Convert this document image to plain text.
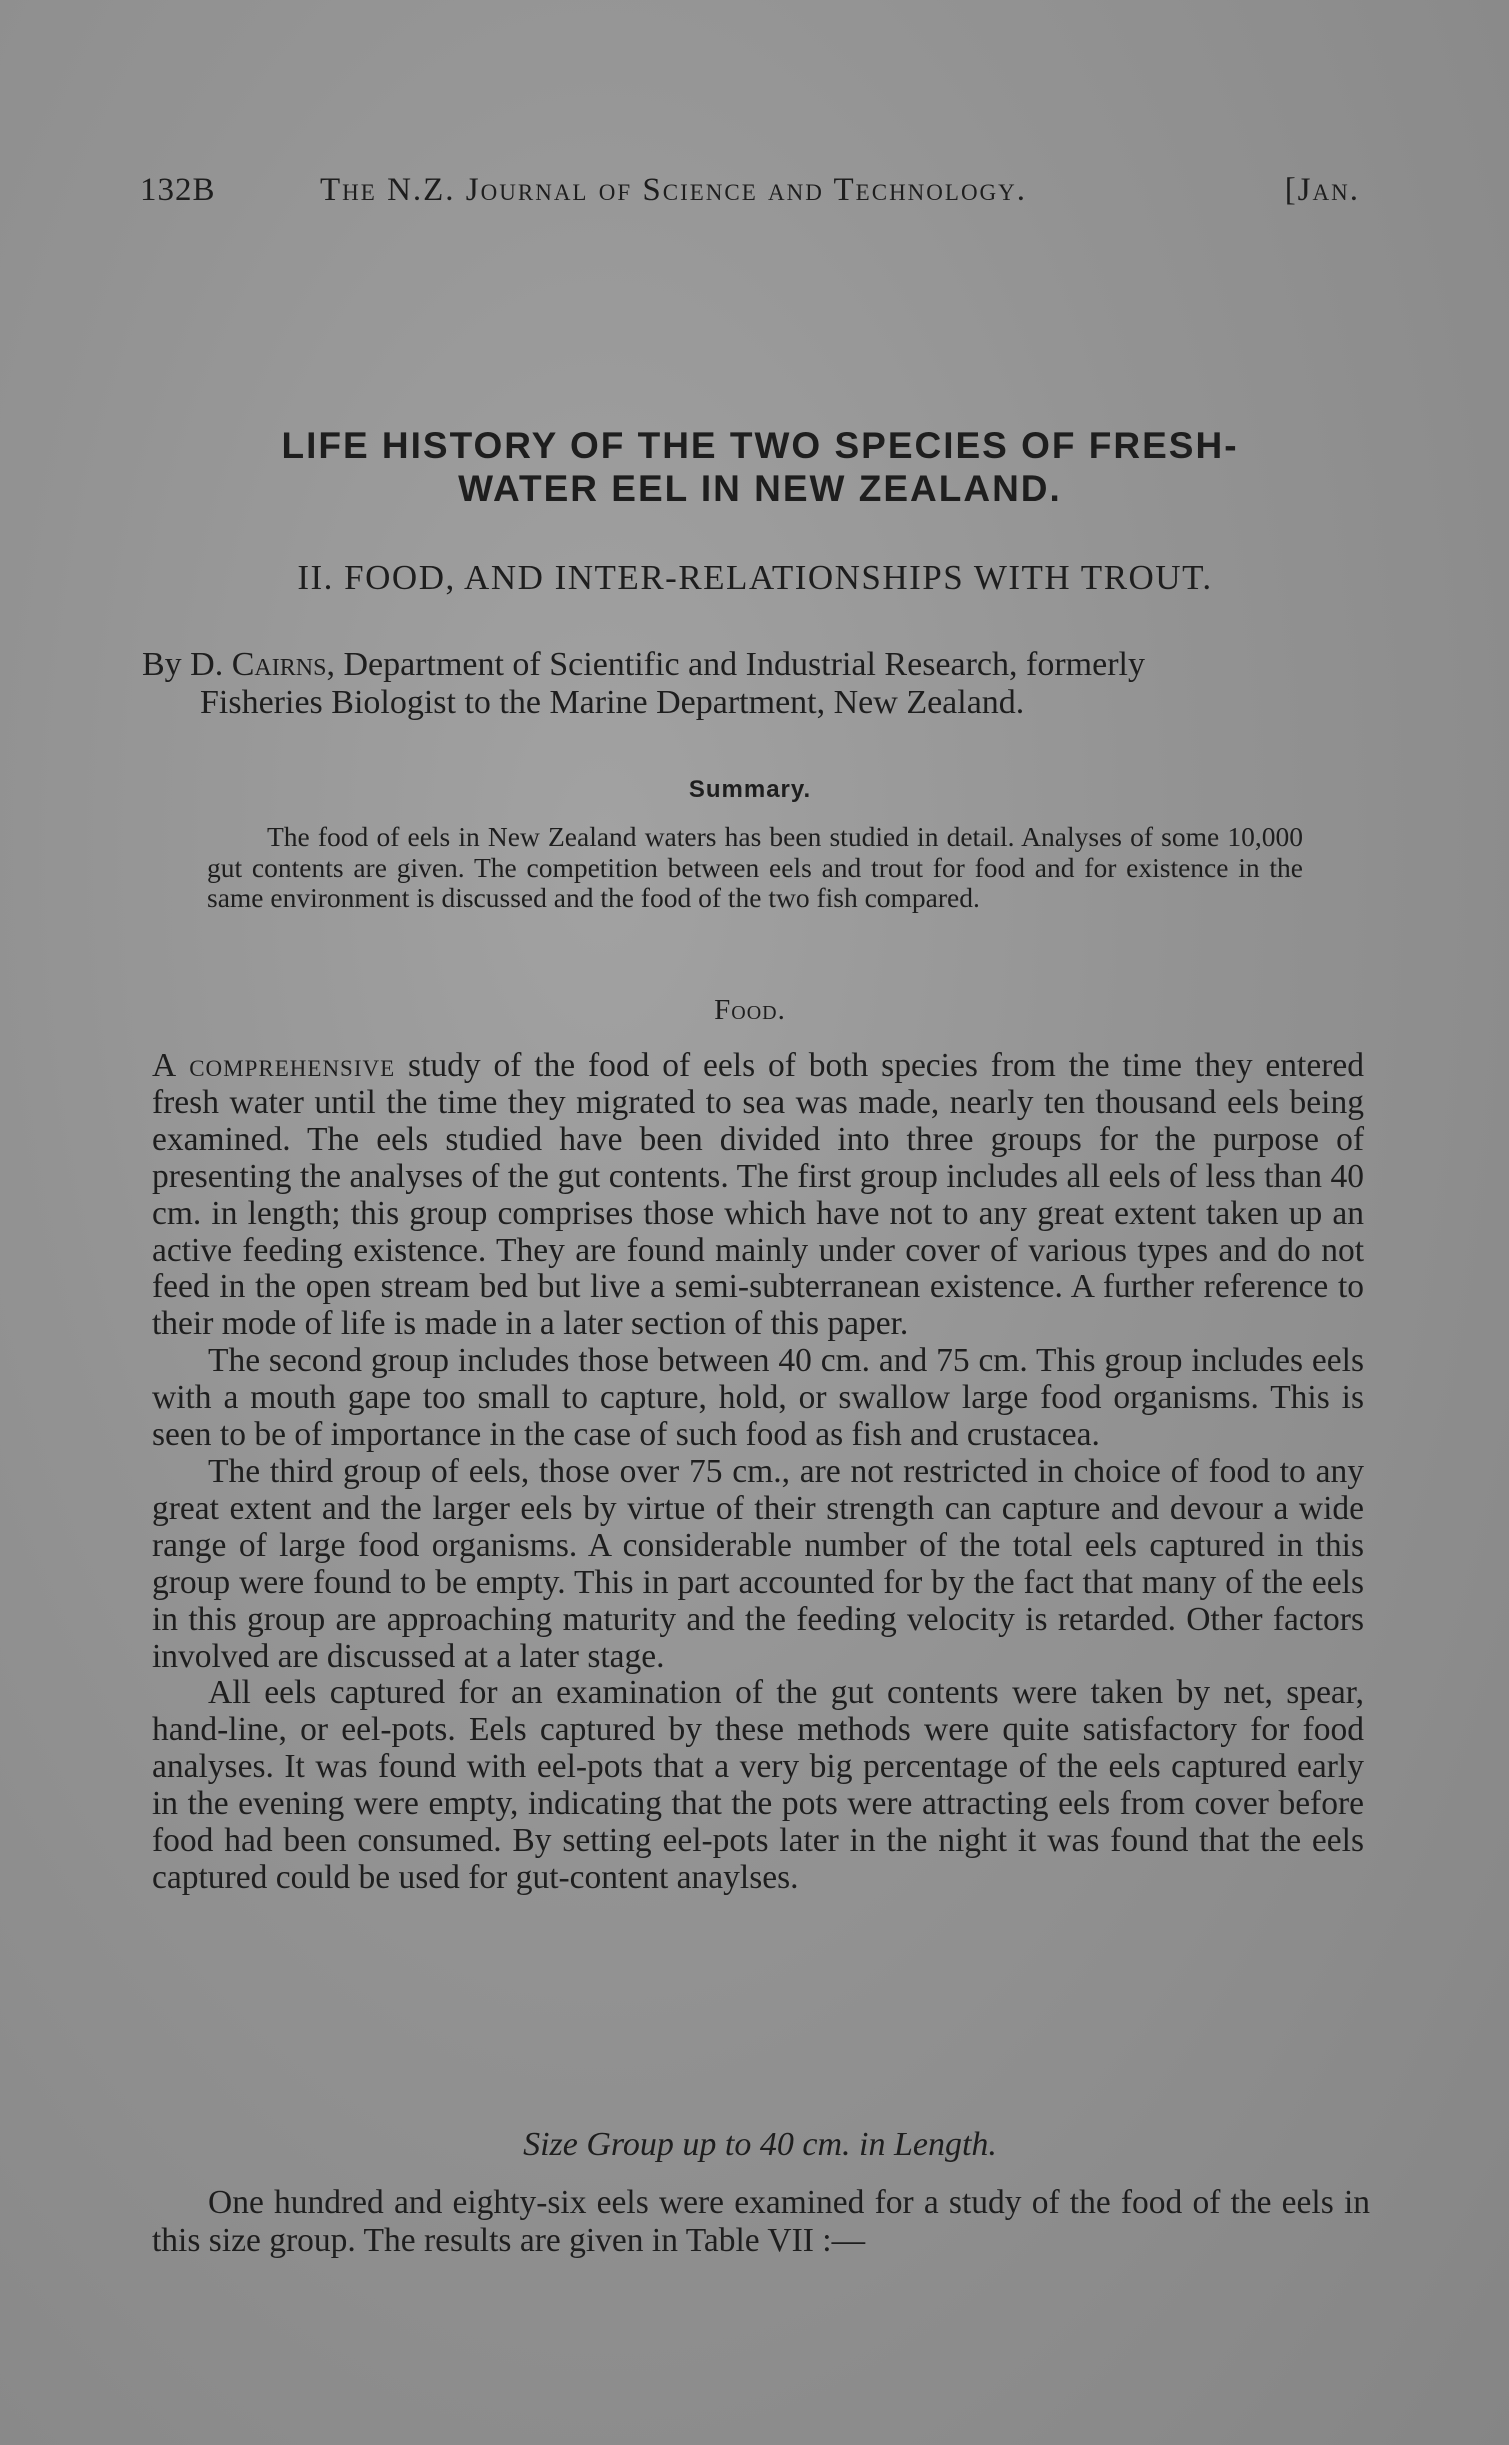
132B	The N.Z. Journal of Science and Technology.	[Jan.
LIFE HISTORY OF THE TWO SPECIES OF FRESH-
WATER EEL IN NEW ZEALAND.
II. FOOD, AND INTER-RELATIONSHIPS WITH TROUT.
By D. Cairns, Department of Scientific and Industrial Research, formerly
Fisheries Biologist to the Marine Department, New Zealand.
Summary.
The food of eels in New Zealand waters has been studied in detail. Analyses of some 10,000 gut contents are given. The competition between eels and trout for food and for existence in the same environment is discussed and the food of the two fish compared.
Food.

A comprehensive study of the food of eels of both species from the time they entered fresh water until the time they migrated to sea was made, nearly ten thousand eels being examined. The eels studied have been divided into three groups for the purpose of presenting the analyses of the gut contents. The first group includes all eels of less than 40 cm. in length; this group comprises those which have not to any great extent taken up an active feeding existence. They are found mainly under cover of various types and do not feed in the open stream bed but live a semi-subterranean existence. A further reference to their mode of life is made in a later section of this paper.

The second group includes those between 40 cm. and 75 cm. This group includes eels with a mouth gape too small to capture, hold, or swallow large food organisms. This is seen to be of importance in the case of such food as fish and crustacea.

The third group of eels, those over 75 cm., are not restricted in choice of food to any great extent and the larger eels by virtue of their strength can capture and devour a wide range of large food organisms. A considerable number of the total eels captured in this group were found to be empty. This in part accounted for by the fact that many of the eels in this group are approaching maturity and the feeding velocity is retarded. Other factors involved are discussed at a later stage.

All eels captured for an examination of the gut contents were taken by net, spear, hand-line, or eel-pots. Eels captured by these methods were quite satisfactory for food analyses. It was found with eel-pots that a very big percentage of the eels captured early in the evening were empty, indicating that the pots were attracting eels from cover before food had been consumed. By setting eel-pots later in the night it was found that the eels captured could be used for gut-content anaylses.

Size Group up to 40 cm. in Length.
One hundred and eighty-six eels were examined for a study of the food of the eels in this size group. The results are given in Table VII :—
